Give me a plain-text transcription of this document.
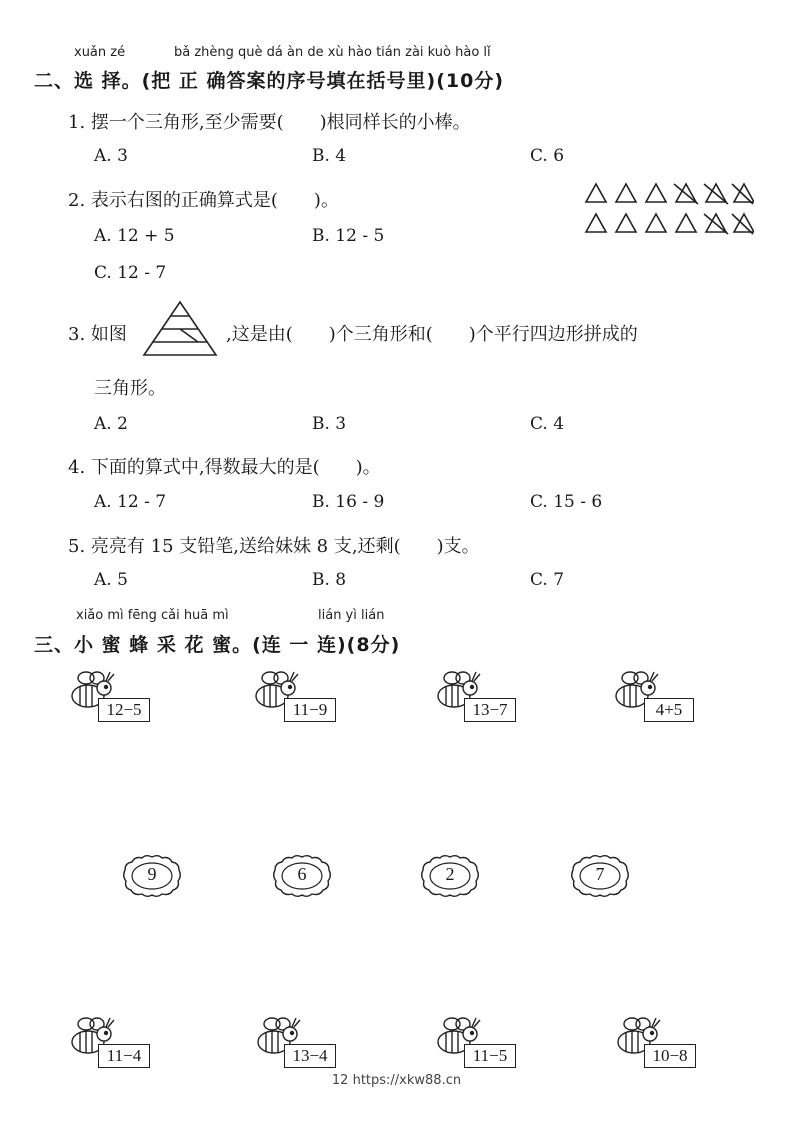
xuǎn zé	bǎ zhèng què dá àn de xù hào tián zài kuò hào lǐ
二、选 择。(把 正 确答案的序号填在括号里)(10分)
1. 摆一个三角形,至少需要(　　)根同样长的小棒。
A. 3	B. 4	C. 6
2. 表示右图的正确算式是(　　)。
A. 12 + 5	B. 12 - 5
C. 12 - 7
3. 如图	,这是由(　　)个三角形和(　　)个平行四边形拼成的
三角形。
A. 2	B. 3	C. 4
4. 下面的算式中,得数最大的是(　　)。
A. 12 - 7	B. 16 - 9	C. 15 - 6
5. 亮亮有 15 支铅笔,送给妹妹 8 支,还剩(　　)支。
A. 5	B. 8	C. 7
xiǎo mì fēng cǎi huā mì	lián yì lián
三、小 蜜 蜂 采 花 蜜。(连 一 连)(8分)
12−5	11−9	13−7	4+5
9	6	2	7
11−4	13−4	11−5	10−8
12 https://xkw88.cn
